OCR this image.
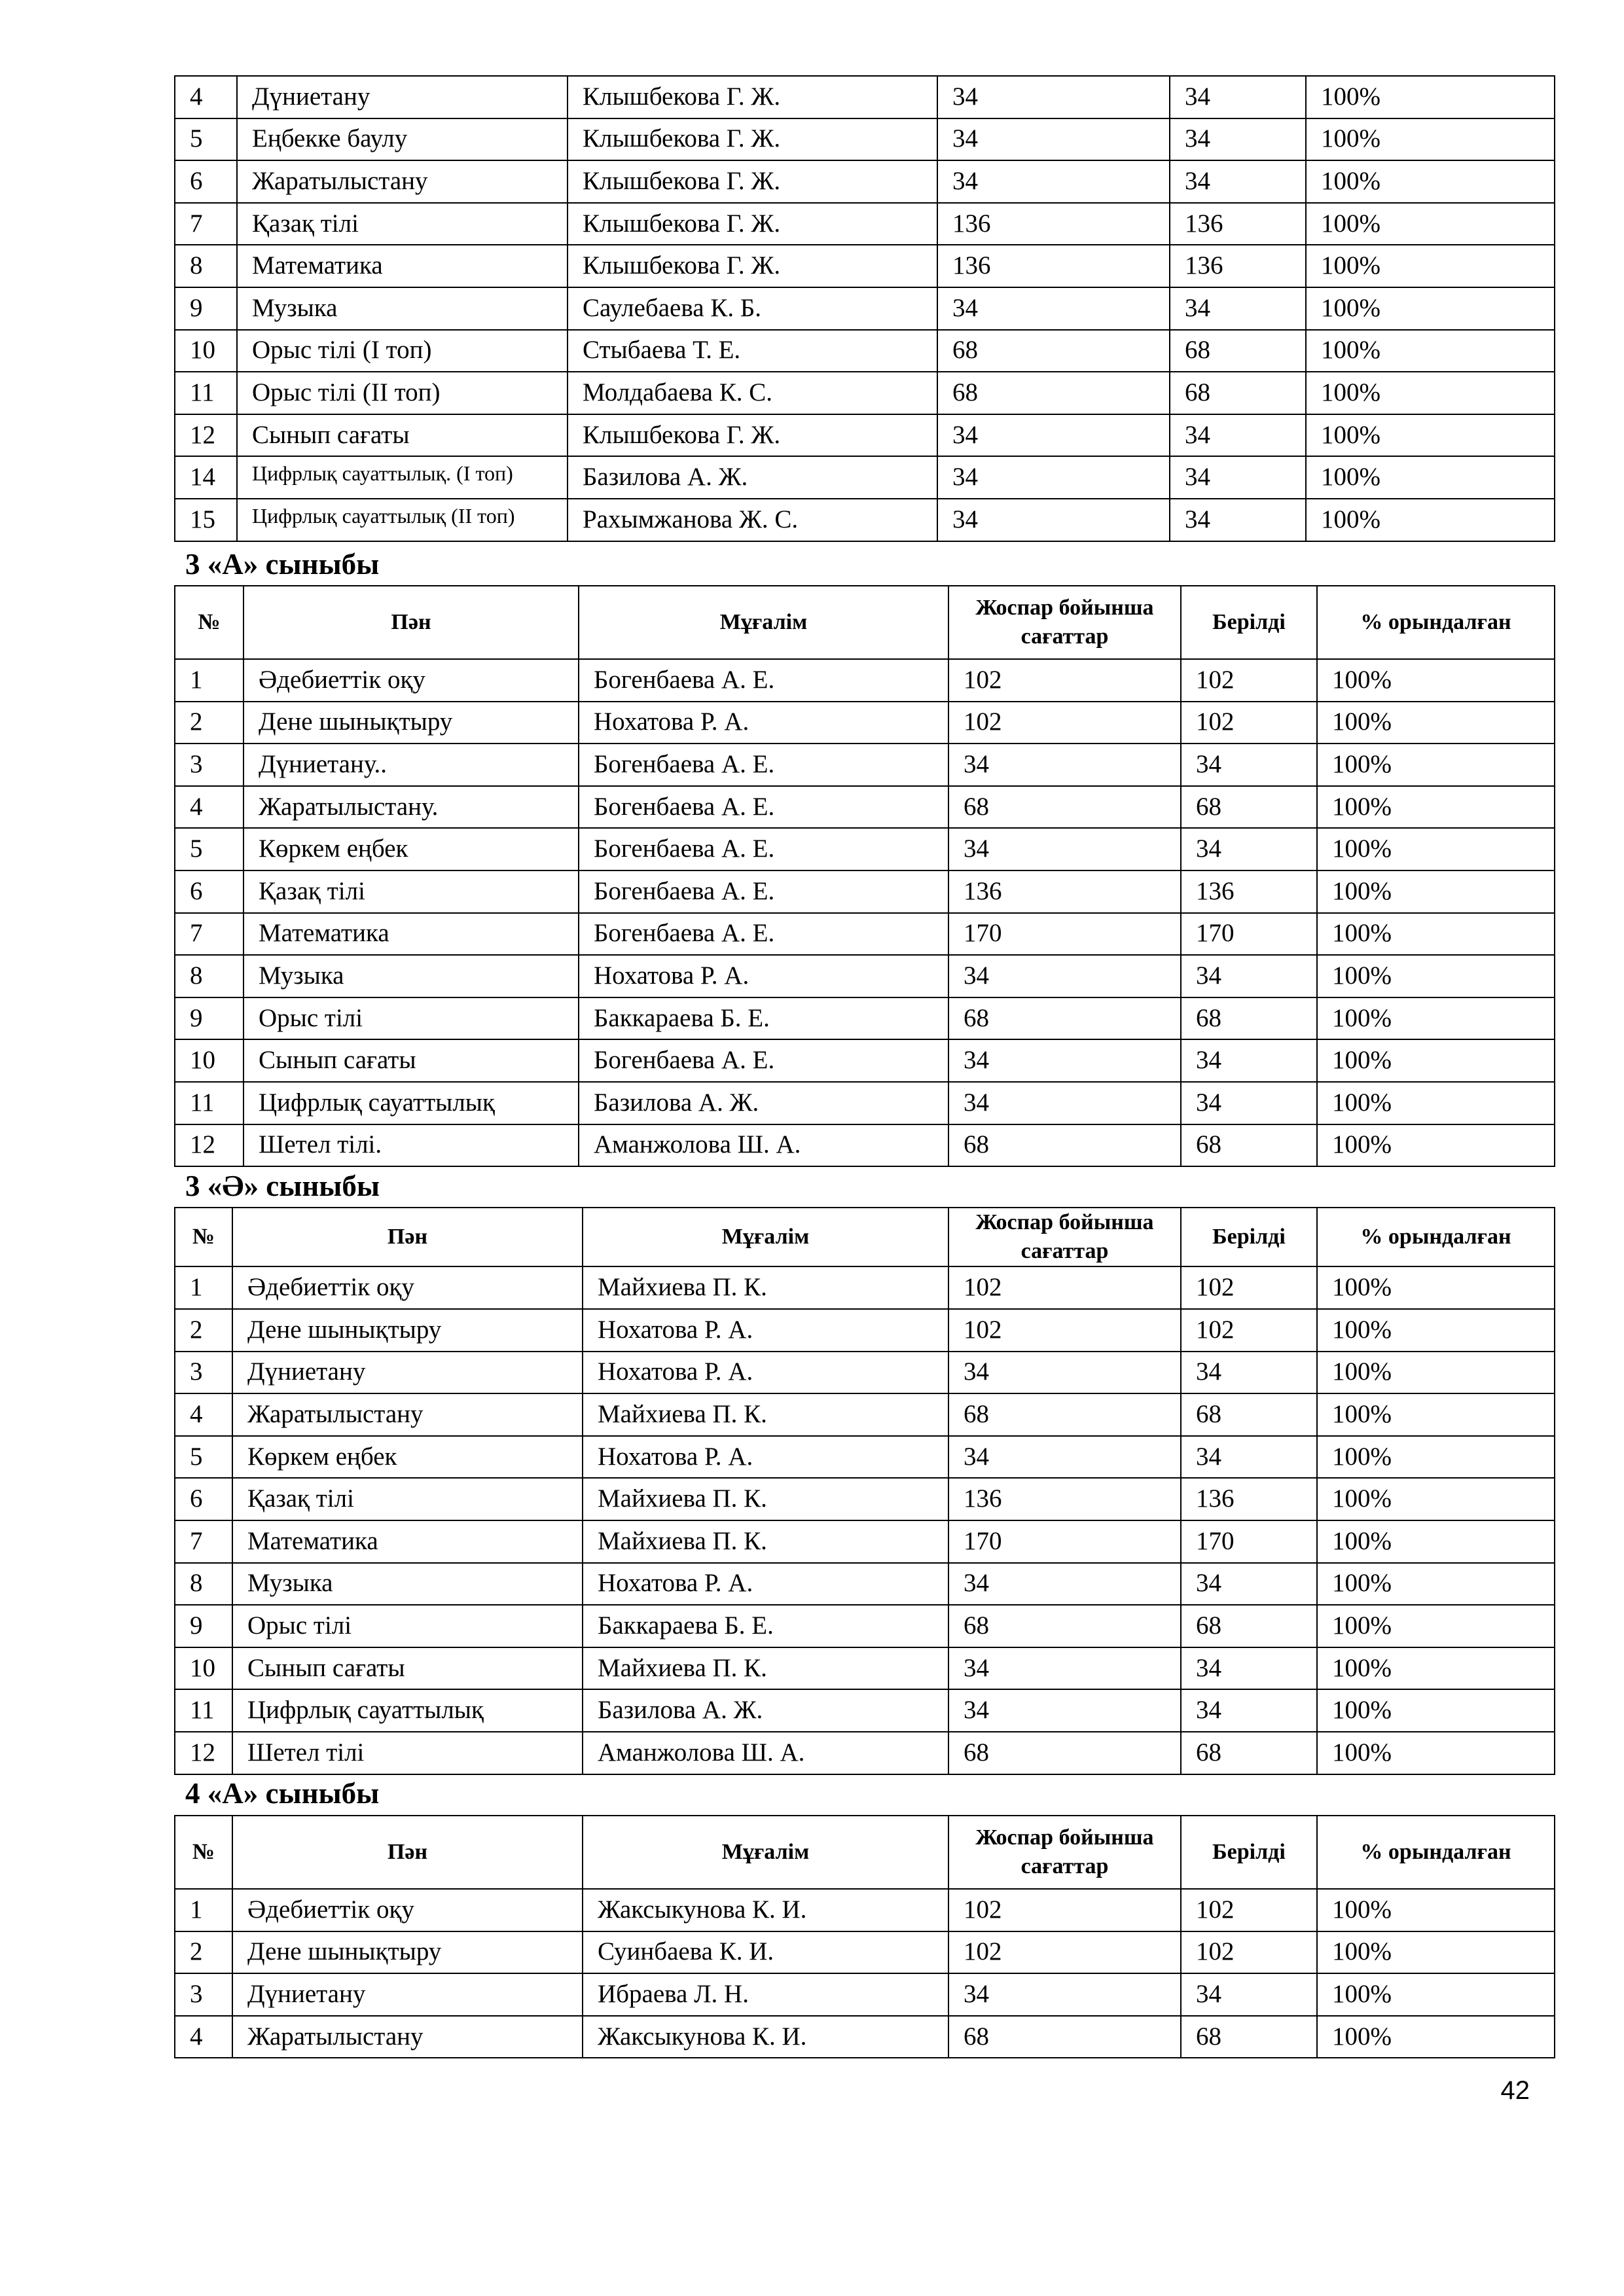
4	Дүниетану	Клышбекова Г. Ж.	34	34	100%
5	Еңбекке баулу	Клышбекова Г. Ж.	34	34	100%
6	Жаратылыстану	Клышбекова Г. Ж.	34	34	100%
7	Қазақ тілі	Клышбекова Г. Ж.	136	136	100%
8	Математика	Клышбекова Г. Ж.	136	136	100%
9	Музыка	Саулебаева К. Б.	34	34	100%
10	Орыс тілі (І топ)	Стыбаева Т. Е.	68	68	100%
11	Орыс тілі (ІІ топ)	Молдабаева К. С.	68	68	100%
12	Сынып сағаты	Клышбекова Г. Ж.	34	34	100%
14	Цифрлық сауаттылық. (І топ)	Базилова А. Ж.	34	34	100%
15	Цифрлық сауаттылық (ІІ топ)	Рахымжанова Ж. С.	34	34	100%
3 «А» сыныбы
№	Пән	Мұғалім	Жоспар бойынша сағаттар	Берілді	% орындалған
1	Әдебиеттік оқу	Богенбаева А. Е.	102	102	100%
2	Дене шынықтыру	Нохатова Р. А.	102	102	100%
3	Дүниетану..	Богенбаева А. Е.	34	34	100%
4	Жаратылыстану.	Богенбаева А. Е.	68	68	100%
5	Көркем еңбек	Богенбаева А. Е.	34	34	100%
6	Қазақ тілі	Богенбаева А. Е.	136	136	100%
7	Математика	Богенбаева А. Е.	170	170	100%
8	Музыка	Нохатова Р. А.	34	34	100%
9	Орыс тілі	Баккараева Б. Е.	68	68	100%
10	Сынып сағаты	Богенбаева А. Е.	34	34	100%
11	Цифрлық сауаттылық	Базилова А. Ж.	34	34	100%
12	Шетел тілі.	Аманжолова Ш. А.	68	68	100%
3 «Ә» сыныбы
№	Пән	Мұғалім	Жоспар бойынша сағаттар	Берілді	% орындалған
1	Әдебиеттік оқу	Майхиева П. К.	102	102	100%
2	Дене шынықтыру	Нохатова Р. А.	102	102	100%
3	Дүниетану	Нохатова Р. А.	34	34	100%
4	Жаратылыстану	Майхиева П. К.	68	68	100%
5	Көркем еңбек	Нохатова Р. А.	34	34	100%
6	Қазақ тілі	Майхиева П. К.	136	136	100%
7	Математика	Майхиева П. К.	170	170	100%
8	Музыка	Нохатова Р. А.	34	34	100%
9	Орыс тілі	Баккараева Б. Е.	68	68	100%
10	Сынып сағаты	Майхиева П. К.	34	34	100%
11	Цифрлық сауаттылық	Базилова А. Ж.	34	34	100%
12	Шетел тілі	Аманжолова Ш. А.	68	68	100%
4 «А» сыныбы
№	Пән	Мұғалім	Жоспар бойынша сағаттар	Берілді	% орындалған
1	Әдебиеттік оқу	Жаксыкунова К. И.	102	102	100%
2	Дене шынықтыру	Суинбаева К. И.	102	102	100%
3	Дүниетану	Ибраева Л. Н.	34	34	100%
4	Жаратылыстану	Жаксыкунова К. И.	68	68	100%
42
